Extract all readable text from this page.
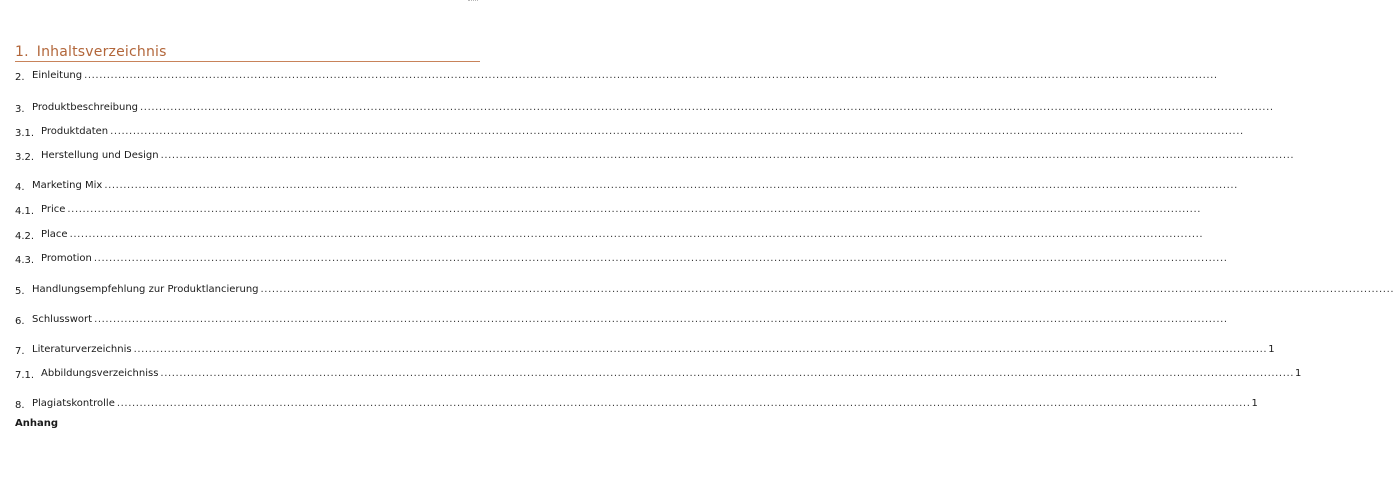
1. Inhaltsverzeichnis
2. Einleitung ............................................................................................................................................................................................................................................................................................................
3. Produktbeschreibung ............................................................................................................................................................................................................................................................................................................
3.1. Produktdaten ............................................................................................................................................................................................................................................................................................................
3.2. Herstellung und Design ............................................................................................................................................................................................................................................................................................................
4. Marketing Mix ............................................................................................................................................................................................................................................................................................................
4.1. Price ............................................................................................................................................................................................................................................................................................................
4.2. Place ............................................................................................................................................................................................................................................................................................................
4.3. Promotion ............................................................................................................................................................................................................................................................................................................
5. Handlungsempfehlung zur Produktlancierung ............................................................................................................................................................................................................................................................................................................
6. Schlusswort ............................................................................................................................................................................................................................................................................................................
7. Literaturverzeichnis ............................................................................................................................................................................................................................................................................................................ 1
7.1. Abbildungsverzeichniss ............................................................................................................................................................................................................................................................................................................ 1
8. Plagiatskontrolle ............................................................................................................................................................................................................................................................................................................ 1
Anhang
